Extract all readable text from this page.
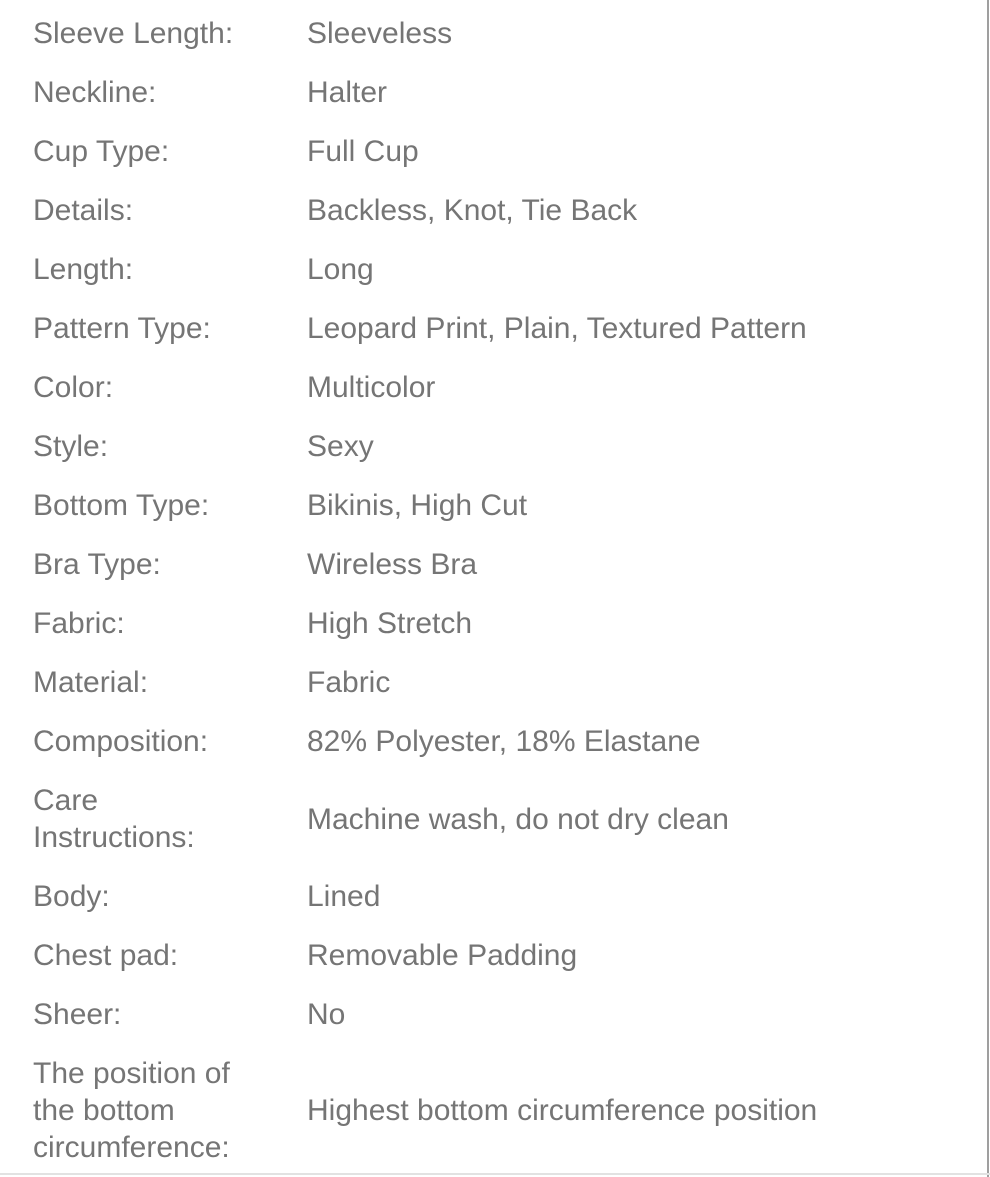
Sleeve Length:	Sleeveless
Neckline:	Halter
Cup Type:	Full Cup
Details:	Backless, Knot, Tie Back
Length:	Long
Pattern Type:	Leopard Print, Plain, Textured Pattern
Color:	Multicolor
Style:	Sexy
Bottom Type:	Bikinis, High Cut
Bra Type:	Wireless Bra
Fabric:	High Stretch
Material:	Fabric
Composition:	82% Polyester, 18% Elastane
Care Instructions:
Machine wash, do not dry clean
Body:	Lined
Chest pad:	Removable Padding
Sheer:	No
The position of the bottom circumference:
Highest bottom circumference position
